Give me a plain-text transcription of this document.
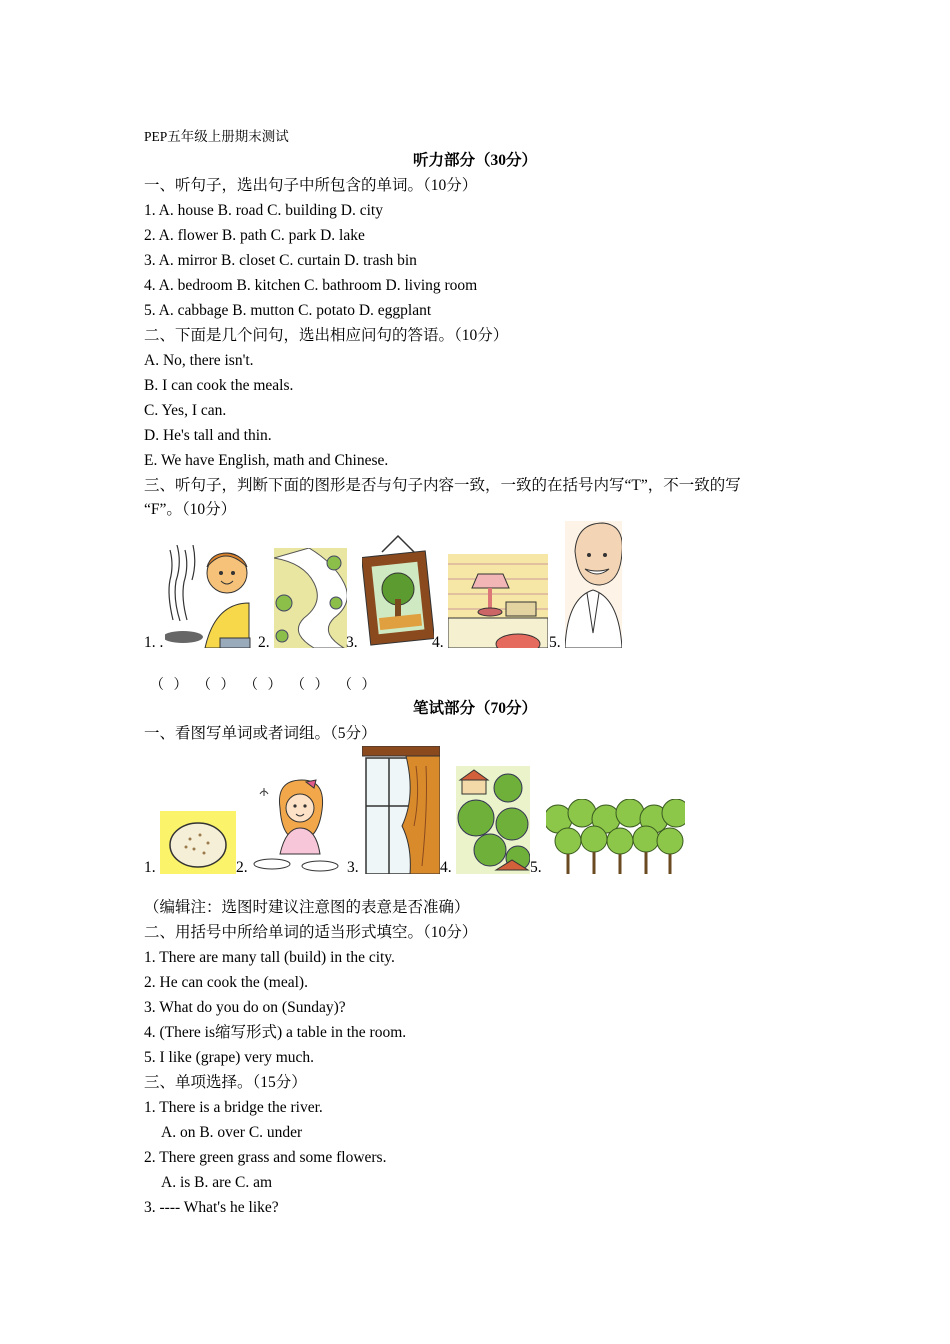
PEP五年级上册期末测试
听力部分（30分）
一、听句子，选出句子中所包含的单词。（10分）
1. A. house B. road C. building D. city
2. A. flower B. path C. park D. lake
3. A. mirror B. closet C. curtain D. trash bin
4. A. bedroom B. kitchen C. bathroom D. living room
5. A. cabbage B. mutton C. potato D. eggplant
二、下面是几个问句，选出相应问句的答语。（10分）
A. No, there isn't.
B. I can cook the meals.
C. Yes, I can.
D. He's tall and thin.
E. We have English, math and Chinese.
三、听句子，判断下面的图形是否与句子内容一致，一致的在括号内写“T”，不一致的写
“F”。（10分）
1. .	2.	3.	4.	5.
（ ） （ ） （ ） （ ） （ ）
笔试部分（70分）
一、看图写单词或者词组。（5分）
1.	2.	3.	4.	5.
（编辑注：选图时建议注意图的表意是否准确）
二、用括号中所给单词的适当形式填空。（10分）
1. There are many tall (build) in the city.
2. He can cook the (meal).
3. What do you do on (Sunday)?
4. (There is缩写形式) a table in the room.
5. I like (grape) very much.
三、单项选择。（15分）
1. There is a bridge the river.
A. on B. over C. under
2. There green grass and some flowers.
A. is B. are C. am
3. ---- What's he like?
